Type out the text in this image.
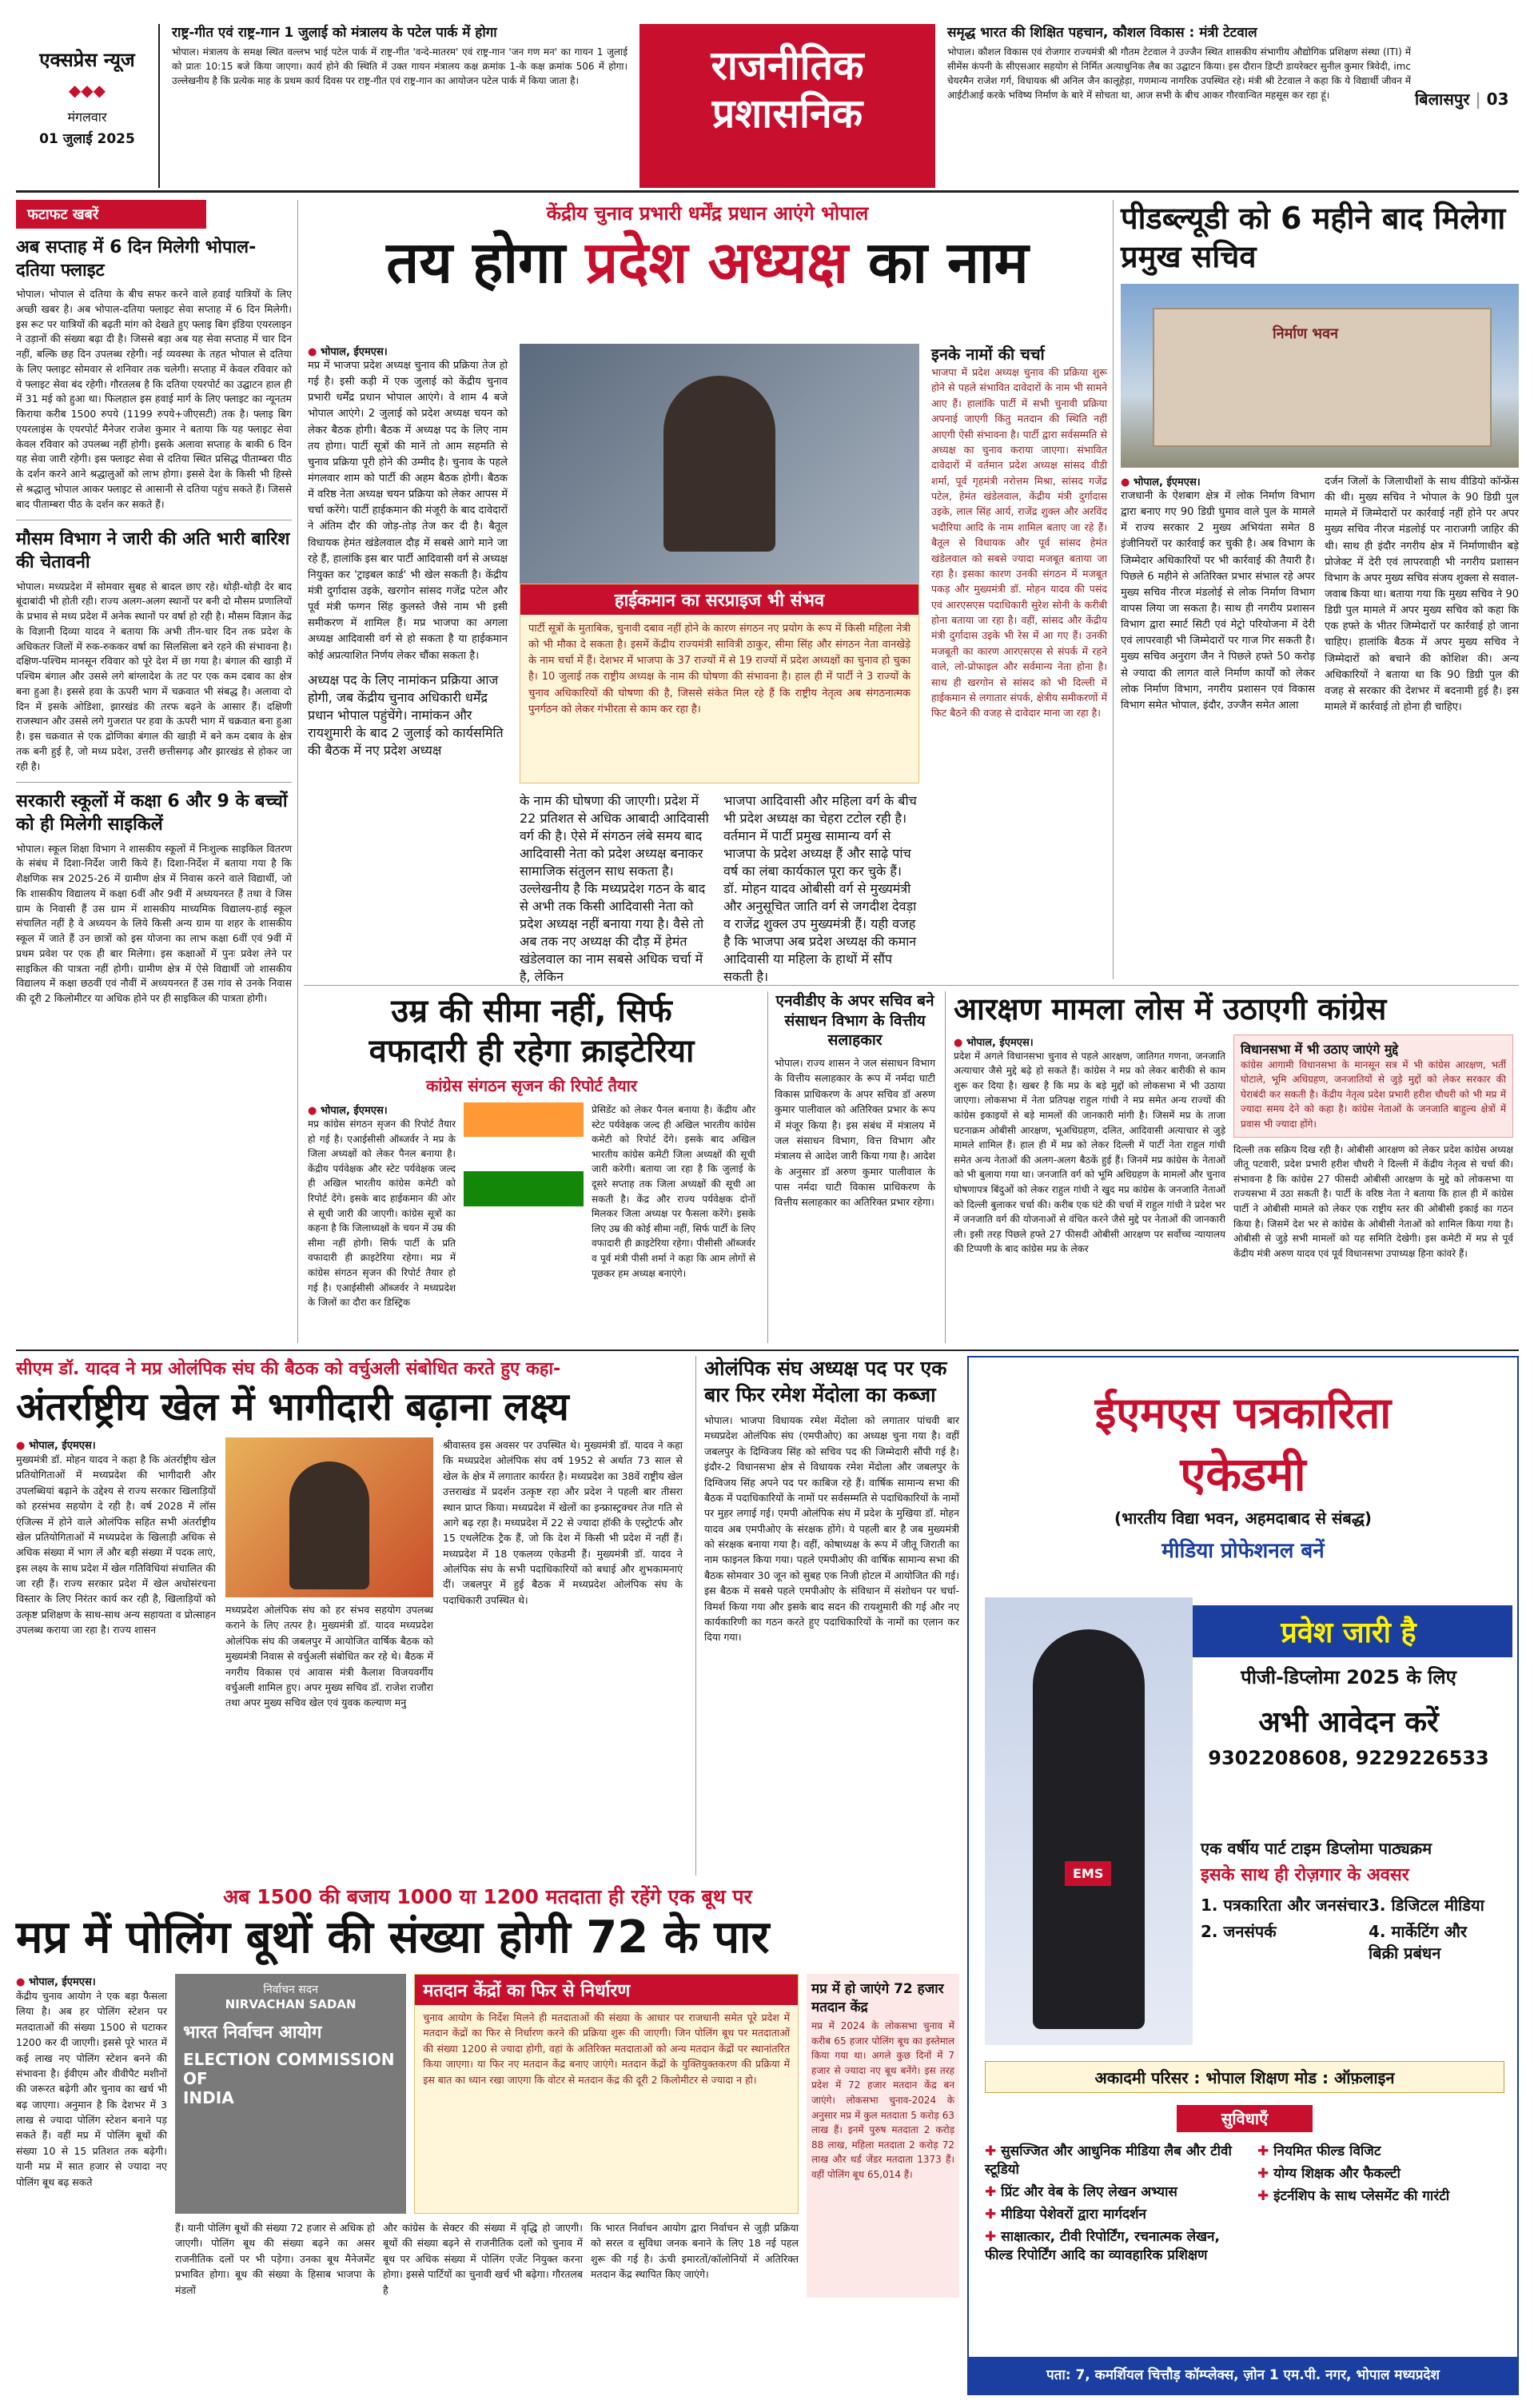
एक्सप्रेस न्यूज
◆◆◆
मंगलवार
01 जुलाई 2025
राष्ट्र-गीत एवं राष्ट्र-गान 1 जुलाई को मंत्रालय के पटेल पार्क में होगा
भोपाल। मंत्रालय के समक्ष स्थित वल्लभ भाई पटेल पार्क में राष्ट्र-गीत 'वन्दे-मातरम' एवं राष्ट्र-गान 'जन गण मन' का गायन 1 जुलाई को प्रातः 10:15 बजे किया जाएगा। कार्य होने की स्थिति में उक्त गायन मंत्रालय कक्ष क्रमांक 1-के कक्ष क्रमांक 506 में होगा। उल्लेखनीय है कि प्रत्येक माह के प्रथम कार्य दिवस पर राष्ट्र-गीत एवं राष्ट्र-गान का आयोजन पटेल पार्क में किया जाता है।	राजनीतिक
प्रशासनिक
समृद्ध भारत की शिक्षित पहचान, कौशल विकास : मंत्री टेटवाल
भोपाल। कौशल विकास एवं रोजगार राज्यमंत्री श्री गौतम टेटवाल ने उज्जैन स्थित शासकीय संभागीय औद्योगिक प्रशिक्षण संस्था (ITI) में सीमेंस कंपनी के सीएसआर सहयोग से निर्मित अत्याधुनिक लैब का उद्घाटन किया। इस दौरान डिप्टी डायरेक्टर सुनील कुमार त्रिवेदी, imc चेयरमैन राजेश गर्ग, विधायक श्री अनिल जैन कालूहेड़ा, गणमान्य नागरिक उपस्थित रहे। मंत्री श्री टेटवाल ने कहा कि ये विद्यार्थी जीवन में आईटीआई करके भविष्य निर्माण के बारे में सोचता था, आज सभी के बीच आकर गौरवान्वित महसूस कर रहा हूं।	बिलासपुर | 03
फटाफट खबरें
अब सप्ताह में 6 दिन मिलेगी भोपाल-दतिया फ्लाइट
भोपाल। भोपाल से दतिया के बीच सफर करने वाले हवाई यात्रियों के लिए अच्छी खबर है। अब भोपाल-दतिया फ्लाइट सेवा सप्ताह में 6 दिन मिलेगी। इस रूट पर यात्रियों की बढ़ती मांग को देखते हुए फ्लाइ बिग इंडिया एयरलाइन ने उड़ानों की संख्या बढ़ा दी है। जिससे बड़ा अब यह सेवा सप्ताह में चार दिन नहीं, बल्कि छह दिन उपलब्ध रहेगी। नई व्यवस्था के तहत भोपाल से दतिया के लिए फ्लाइट सोमवार से शनिवार तक चलेगी। सप्ताह में केवल रविवार को ये फ्लाइट सेवा बंद रहेगी। गौरतलब है कि दतिया एयरपोर्ट का उद्घाटन हाल ही में 31 मई को हुआ था। फिलहाल इस हवाई मार्ग के लिए फ्लाइट का न्यूनतम किराया करीब 1500 रुपये (1199 रुपये+जीएसटी) तक है। फ्लाइ बिग एयरलाइंस के एयरपोर्ट मैनेजर राजेश कुमार ने बताया कि यह फ्लाइट सेवा केवल रविवार को उपलब्ध नहीं होगी। इसके अलावा सप्ताह के बाकी 6 दिन यह सेवा जारी रहेगी। इस फ्लाइट सेवा से दतिया स्थित प्रसिद्ध पीताम्बरा पीठ के दर्शन करने आने श्रद्धालुओं को लाभ होगा। इससे देश के किसी भी हिस्से से श्रद्धालु भोपाल आकर फ्लाइट से आसानी से दतिया पहुंच सकते हैं। जिससे बाद पीताम्बरा पीठ के दर्शन कर सकते हैं।
मौसम विभाग ने जारी की अति भारी बारिश की चेतावनी
भोपाल। मध्यप्रदेश में सोमवार सुबह से बादल छाए रहे। थोड़ी-थोड़ी देर बाद बूंदाबांदी भी होती रही। राज्य अलग-अलग स्थानों पर बनी दो मौसम प्रणालियों के प्रभाव से मध्य प्रदेश में अनेक स्थानों पर वर्षा हो रही है। मौसम विज्ञान केंद्र के विज्ञानी दिव्या यादव ने बताया कि अभी तीन-चार दिन तक प्रदेश के अधिकतर जिलों में रुक-रुककर वर्षा का सिलसिला बने रहने की संभावना है। दक्षिण-पश्चिम मानसून रविवार को पूरे देश में छा गया है। बंगाल की खाड़ी में पश्चिम बंगाल और उससे लगे बांग्लादेश के तट पर एक कम दबाव का क्षेत्र बना हुआ है। इससे हवा के ऊपरी भाग में चक्रवात भी संबद्ध है। अलावा दो दिन में इसके ओडिशा, झारखंड की तरफ बढ़ने के आसार हैं। दक्षिणी राजस्थान और उससे लगे गुजरात पर हवा के ऊपरी भाग में चक्रवात बना हुआ है। इस चक्रवात से एक द्रोणिका बंगाल की खाड़ी में बने कम दबाव के क्षेत्र तक बनी हुई है, जो मध्य प्रदेश, उत्तरी छत्तीसगढ़ और झारखंड से होकर जा रही है।
सरकारी स्कूलों में कक्षा 6 और 9 के बच्चों को ही मिलेगी साइकिलें
भोपाल। स्कूल शिक्षा विभाग ने शासकीय स्कूलों में निःशुल्क साइकिल वितरण के संबंध में दिशा-निर्देश जारी किये हैं। दिशा-निर्देश में बताया गया है कि शैक्षणिक सत्र 2025-26 में ग्रामीण क्षेत्र में निवास करने वाले विद्यार्थी, जो कि शासकीय विद्यालय में कक्षा 6वीं और 9वीं में अध्ययनरत हैं तथा वे जिस ग्राम के निवासी हैं उस ग्राम में शासकीय माध्यमिक विद्यालय-हाई स्कूल संचालित नहीं है वे अध्ययन के लिये किसी अन्य ग्राम या शहर के शासकीय स्कूल में जाते हैं उन छात्रों को इस योजना का लाभ कक्षा 6वीं एवं 9वीं में प्रथम प्रवेश पर एक ही बार मिलेगा। इस कक्षाओं में पुनः प्रवेश लेने पर साइकिल की पात्रता नहीं होगी। ग्रामीण क्षेत्र में ऐसे विद्यार्थी जो शासकीय विद्यालय में कक्षा छठवीं एवं नौवीं में अध्ययनरत हैं उस गांव से उनके निवास की दूरी 2 किलोमीटर या अधिक होने पर ही साइकिल की पात्रता होगी।
केंद्रीय चुनाव प्रभारी धर्मेंद्र प्रधान आएंगे भोपाल
तय होगा प्रदेश अध्यक्ष का नाम
● भोपाल, ईएमएस।
मप्र में भाजपा प्रदेश अध्यक्ष चुनाव की प्रक्रिया तेज हो गई है। इसी कड़ी में एक जुलाई को केंद्रीय चुनाव प्रभारी धर्मेंद्र प्रधान भोपाल आएंगे। वे शाम 4 बजे भोपाल आएंगे। 2 जुलाई को प्रदेश अध्यक्ष चयन को लेकर बैठक होगी। बैठक में अध्यक्ष पद के लिए नाम तय होगा। पार्टी सूत्रों की मानें तो आम सहमति से चुनाव प्रक्रिया पूरी होने की उम्मीद है। चुनाव के पहले मंगलवार शाम को पार्टी की अहम बैठक होगी। बैठक में वरिष्ठ नेता अध्यक्ष चयन प्रक्रिया को लेकर आपस में चर्चा करेंगे। पार्टी हाईकमान की मंजूरी के बाद दावेदारों ने अंतिम दौर की जोड़-तोड़ तेज कर दी है। बैतूल विधायक हेमंत खंडेलवाल दौड़ में सबसे आगे माने जा रहे हैं, हालांकि इस बार पार्टी आदिवासी वर्ग से अध्यक्ष नियुक्त कर 'ट्राइबल कार्ड' भी खेल सकती है। केंद्रीय मंत्री दुर्गादास उइके, खरगोन सांसद गजेंद्र पटेल और पूर्व मंत्री फग्गन सिंह कुलस्ते जैसे नाम भी इसी समीकरण में शामिल हैं। मप्र भाजपा का अगला अध्यक्ष आदिवासी वर्ग से हो सकता है या हाईकमान कोई अप्रत्याशित निर्णय लेकर चौंका सकता है।
अध्यक्ष पद के लिए नामांकन प्रक्रिया आज होगी, जब केंद्रीय चुनाव अधिकारी धर्मेंद्र प्रधान भोपाल पहुंचेंगे। नामांकन और रायशुमारी के बाद 2 जुलाई को कार्यसमिति की बैठक में नए प्रदेश अध्यक्ष
हाईकमान का सरप्राइज भी संभव
पार्टी सूत्रों के मुताबिक, चुनावी दबाव नहीं होने के कारण संगठन नए प्रयोग के रूप में किसी महिला नेत्री को भी मौका दे सकता है। इसमें केंद्रीय राज्यमंत्री सावित्री ठाकुर, सीमा सिंह और संगठन नेता वानखेड़े के नाम चर्चा में हैं। देशभर में भाजपा के 37 राज्यों में से 19 राज्यों में प्रदेश अध्यक्षों का चुनाव हो चुका है। 10 जुलाई तक राष्ट्रीय अध्यक्ष के नाम की घोषणा की संभावना है। हाल ही में पार्टी ने 3 राज्यों के चुनाव अधिकारियों की घोषणा की है, जिससे संकेत मिल रहे हैं कि राष्ट्रीय नेतृत्व अब संगठनात्मक पुनर्गठन को लेकर गंभीरता से काम कर रहा है।
के नाम की घोषणा की जाएगी। प्रदेश में 22 प्रतिशत से अधिक आबादी आदिवासी वर्ग की है। ऐसे में संगठन लंबे समय बाद आदिवासी नेता को प्रदेश अध्यक्ष बनाकर सामाजिक संतुलन साध सकता है। उल्लेखनीय है कि मध्यप्रदेश गठन के बाद से अभी तक किसी आदिवासी नेता को प्रदेश अध्यक्ष नहीं बनाया गया है। वैसे तो अब तक नए अध्यक्ष की दौड़ में हेमंत खंडेलवाल का नाम सबसे अधिक चर्चा में है, लेकिन
भाजपा आदिवासी और महिला वर्ग के बीच भी प्रदेश अध्यक्ष का चेहरा टटोल रही है। वर्तमान में पार्टी प्रमुख सामान्य वर्ग से भाजपा के प्रदेश अध्यक्ष हैं और साढ़े पांच वर्ष का लंबा कार्यकाल पूरा कर चुके हैं। डॉ. मोहन यादव ओबीसी वर्ग से मुख्यमंत्री और अनुसूचित जाति वर्ग से जगदीश देवड़ा व राजेंद्र शुक्ल उप मुख्यमंत्री हैं। यही वजह है कि भाजपा अब प्रदेश अध्यक्ष की कमान आदिवासी या महिला के हाथों में सौंप सकती है।
इनके नामों की चर्चा
भाजपा में प्रदेश अध्यक्ष चुनाव की प्रक्रिया शुरू होने से पहले संभावित दावेदारों के नाम भी सामने आए हैं। हालांकि पार्टी में सभी चुनावी प्रक्रिया अपनाई जाएगी किंतु मतदान की स्थिति नहीं आएगी ऐसी संभावना है। पार्टी द्वारा सर्वसम्मति से अध्यक्ष का चुनाव कराया जाएगा। संभावित दावेदारों में वर्तमान प्रदेश अध्यक्ष सांसद वीडी शर्मा, पूर्व गृहमंत्री नरोत्तम मिश्रा, सांसद गजेंद्र पटेल, हेमंत खंडेलवाल, केंद्रीय मंत्री दुर्गादास उइके, लाल सिंह आर्य, राजेंद्र शुक्ल और अरविंद भदौरिया आदि के नाम शामिल बताए जा रहे हैं। बैतूल से विधायक और पूर्व सांसद हेमंत खंडेलवाल को सबसे ज्यादा मजबूत बताया जा रहा है। इसका कारण उनकी संगठन में मजबूत पकड़ और मुख्यमंत्री डॉ. मोहन यादव की पसंद एवं आरएसएस पदाधिकारी सुरेश सोनी के करीबी होना बताया जा रहा है। वहीं, सांसद और केंद्रीय मंत्री दुर्गादास उइके भी रेस में आ गए हैं। उनकी मजबूती का कारण आरएसएस से संपर्क में रहने वाले, लो-प्रोफाइल और सर्वमान्य नेता होना है। साथ ही खरगोन से सांसद को भी दिल्ली में हाईकमान से लगातार संपर्क, क्षेत्रीय समीकरणों में फिट बैठने की वजह से दावेदार माना जा रहा है।
पीडब्ल्यूडी को 6 महीने बाद मिलेगा प्रमुख सचिव
निर्माण भवन
● भोपाल, ईएमएस।
राजधानी के ऐशबाग क्षेत्र में लोक निर्माण विभाग द्वारा बनाए गए 90 डिग्री घुमाव वाले पुल के मामले में राज्य सरकार 2 मुख्य अभियंता समेत 8 इंजीनियरों पर कार्रवाई कर चुकी है। अब विभाग के जिम्मेदार अधिकारियों पर भी कार्रवाई की तैयारी है। पिछले 6 महीने से अतिरिक्त प्रभार संभाल रहे अपर मुख्य सचिव नीरज मंडलोई से लोक निर्माण विभाग वापस लिया जा सकता है। साथ ही नगरीय प्रशासन विभाग द्वारा स्मार्ट सिटी एवं मेट्रो परियोजना में देरी एवं लापरवाही भी जिम्मेदारों पर गाज गिर सकती है। मुख्य सचिव अनुराग जैन ने पिछले हफ्ते 50 करोड़ से ज्यादा की लागत वाले निर्माण कार्यों को लेकर लोक निर्माण विभाग, नगरीय प्रशासन एवं विकास विभाग समेत भोपाल, इंदौर, उज्जैन समेत आला
दर्जन जिलों के जिलाधीशों के साथ वीडियो कॉन्फ्रेंस की थी। मुख्य सचिव ने भोपाल के 90 डिग्री पुल मामले में जिम्मेदारों पर कार्रवाई नहीं होने पर अपर मुख्य सचिव नीरज मंडलोई पर नाराजगी जाहिर की थी। साथ ही इंदौर नगरीय क्षेत्र में निर्माणाधीन बड़े प्रोजेक्ट में देरी एवं लापरवाही भी नगरीय प्रशासन विभाग के अपर मुख्य सचिव संजय शुक्ला से सवाल-जवाब किया था। बताया गया कि मुख्य सचिव ने 90 डिग्री पुल मामले में अपर मुख्य सचिव को कहा कि एक हफ्ते के भीतर जिम्मेदारों पर कार्रवाई हो जाना चाहिए। हालांकि बैठक में अपर मुख्य सचिव ने जिम्मेदारों को बचाने की कोशिश की। अन्य अधिकारियों ने बताया था कि 90 डिग्री पुल की वजह से सरकार की देशभर में बदनामी हुई है। इस मामले में कार्रवाई तो होना ही चाहिए।
उम्र की सीमा नहीं, सिर्फ
वफादारी ही रहेगा क्राइटेरिया
कांग्रेस संगठन सृजन की रिपोर्ट तैयार
● भोपाल, ईएमएस।
मप्र कांग्रेस संगठन सृजन की रिपोर्ट तैयार हो गई है। एआईसीसी ऑब्जर्वर ने मप्र के जिला अध्यक्षों को लेकर पैनल बनाया है। केंद्रीय पर्यवेक्षक और स्टेट पर्यवेक्षक जल्द ही अखिल भारतीय कांग्रेस कमेटी को रिपोर्ट देंगे। इसके बाद हाईकमान की ओर से सूची जारी की जाएगी। कांग्रेस सूत्रों का कहना है कि जिलाध्यक्षों के चयन में उम्र की सीमा नहीं होगी। सिर्फ पार्टी के प्रति वफादारी ही क्राइटेरिया रहेगा। मप्र में कांग्रेस संगठन सृजन की रिपोर्ट तैयार हो गई है। एआईसीसी ऑब्जर्वर ने मध्यप्रदेश के जिलों का दौरा कर डिस्ट्रिक
प्रेसिडेंट को लेकर पैनल बनाया है। केंद्रीय और स्टेट पर्यवेक्षक जल्द ही अखिल भारतीय कांग्रेस कमेटी को रिपोर्ट देंगे। इसके बाद अखिल भारतीय कांग्रेस कमेटी जिला अध्यक्षों की सूची जारी करेगी। बताया जा रहा है कि जुलाई के दूसरे सप्ताह तक जिला अध्यक्षों की सूची आ सकती है। केंद्र और राज्य पर्यवेक्षक दोनों मिलकर जिला अध्यक्ष पर फैसला करेंगे। इसके लिए उम्र की कोई सीमा नहीं, सिर्फ पार्टी के लिए वफादारी ही क्राइटेरिया रहेगा। पीसीसी ऑब्जर्वर व पूर्व मंत्री पीसी शर्मा ने कहा कि आम लोगों से पूछकर हम अध्यक्ष बनाएंगे।
एनवीडीए के अपर सचिव बने संसाधन विभाग के वित्तीय सलाहकार
भोपाल। राज्य शासन ने जल संसाधन विभाग के वित्तीय सलाहकार के रूप में नर्मदा घाटी विकास प्राधिकरण के अपर सचिव डॉ अरुण कुमार पालीवाल को अतिरिक्त प्रभार के रूप में मंजूर किया है। इस संबंध में मंत्रालय में जल संसाधन विभाग, वित्त विभाग और मंत्रालय से आदेश जारी किया गया है। आदेश के अनुसार डॉ अरुण कुमार पालीवाल के पास नर्मदा घाटी विकास प्राधिकरण के वित्तीय सलाहकार का अतिरिक्त प्रभार रहेगा।
आरक्षण मामला लोस में उठाएगी कांग्रेस
● भोपाल, ईएमएस।
प्रदेश में अगले विधानसभा चुनाव से पहले आरक्षण, जातिगत गणना, जनजाति अत्याचार जैसे मुद्दे बढ़े हो सकते हैं। कांग्रेस ने मप्र को लेकर बारीकी से काम शुरू कर दिया है। खबर है कि मप्र के बड़े मुद्दों को लोकसभा में भी उठाया जाएगा। लोकसभा में नेता प्रतिपक्ष राहुल गांधी ने मप्र समेत अन्य राज्यों की कांग्रेस इकाइयों से बड़े मामलों की जानकारी मांगी है। जिसमें मप्र के ताजा घटनाक्रम ओबीसी आरक्षण, भूअधिग्रहण, दलित, आदिवासी अत्याचार से जुड़े मामले शामिल हैं। हाल ही में मप्र को लेकर दिल्ली में पार्टी नेता राहुल गांधी समेत अन्य नेताओं की अलग-अलग बैठकें हुई हैं। जिनमें मप्र कांग्रेस के नेताओं को भी बुलाया गया था। जनजाति वर्ग को भूमि अधिग्रहण के मामलों और चुनाव घोषणापत्र बिंदुओं को लेकर राहुल गांधी ने खुद मप्र कांग्रेस के जनजाति नेताओं को दिल्ली बुलाकर चर्चा की। करीब एक घंटे की चर्चा में राहुल गांधी ने प्रदेश भर में जनजाति वर्ग की योजनाओं से वंचित करने जैसे मुद्दे पर नेताओं की जानकारी ली। इसी तरह पिछले हफ्ते 27 फीसदी ओबीसी आरक्षण पर सर्वोच्च न्यायालय की टिप्पणी के बाद कांग्रेस मप्र के लेकर
विधानसभा में भी उठाए जाएंगे मुद्दे
कांग्रेस आगामी विधानसभा के मानसून सत्र में भी कांग्रेस आरक्षण, भर्ती घोटाले, भूमि अधिग्रहण, जनजातियों से जुड़े मुद्दों को लेकर सरकार की घेराबंदी कर सकती है। केंद्रीय नेतृत्व प्रदेश प्रभारी हरीश चौधरी को भी मप्र में ज्यादा समय देने को कहा है। कांग्रेस नेताओं के जनजाति बाहुल्य क्षेत्रों में प्रवास भी ज्यादा होंगे।
दिल्ली तक सक्रिय दिख रही है। ओबीसी आरक्षण को लेकर प्रदेश कांग्रेस अध्यक्ष जीतू पटवारी, प्रदेश प्रभारी हरीश चौधरी ने दिल्ली में केंद्रीय नेतृत्व से चर्चा की। संभावना है कि कांग्रेस 27 फीसदी ओबीसी आरक्षण के मुद्दे को लोकसभा या राज्यसभा में उठा सकती है। पार्टी के वरिष्ठ नेता ने बताया कि हाल ही में कांग्रेस पार्टी ने ओबीसी मामले को लेकर एक राष्ट्रीय स्तर की ओबीसी इकाई का गठन किया है। जिसमें देश भर से कांग्रेस के ओबीसी नेताओं को शामिल किया गया है। ओबीसी से जुड़े सभी मामलों को यह समिति देखेगी। इस कमेटी में मप्र से पूर्व केंद्रीय मंत्री अरुण यादव एवं पूर्व विधानसभा उपाध्यक्ष हिना कांवरे हैं।
सीएम डॉ. यादव ने मप्र ओलंपिक संघ की बैठक को वर्चुअली संबोधित करते हुए कहा-
अंतर्राष्ट्रीय खेल में भागीदारी बढ़ाना लक्ष्य
● भोपाल, ईएमएस।
मुख्यमंत्री डॉ. मोहन यादव ने कहा है कि अंतर्राष्ट्रीय खेल प्रतियोगिताओं में मध्यप्रदेश की भागीदारी और उपलब्धियां बढ़ाने के उद्देश्य से राज्य सरकार खिलाड़ियों को हरसंभव सहयोग दे रही है। वर्ष 2028 में लॉस एंजिल्स में होने वाले ओलंपिक सहित सभी अंतर्राष्ट्रीय खेल प्रतियोगिताओं में मध्यप्रदेश के खिलाड़ी अधिक से अधिक संख्या में भाग लें और बड़ी संख्या में पदक लाएं, इस लक्ष्य के साथ प्रदेश में खेल गतिविधियां संचालित की जा रही हैं। राज्य सरकार प्रदेश में खेल अधोसंरचना विस्तार के लिए निरंतर कार्य कर रही है, खिलाड़ियों को उत्कृष्ट प्रशिक्षण के साथ-साथ अन्य सहायता व प्रोत्साहन उपलब्ध कराया जा रहा है। राज्य शासन
मध्यप्रदेश ओलंपिक संघ को हर संभव सहयोग उपलब्ध कराने के लिए तत्पर है। मुख्यमंत्री डॉ. यादव मध्यप्रदेश ओलंपिक संघ की जबलपुर में आयोजित वार्षिक बैठक को मुख्यमंत्री निवास से वर्चुअली संबोधित कर रहे थे। बैठक में नगरीय विकास एवं आवास मंत्री कैलाश विजयवर्गीय वर्चुअली शामिल हुए। अपर मुख्य सचिव डॉ. राजेश राजौरा तथा अपर मुख्य सचिव खेल एवं युवक कल्याण मनु
श्रीवास्तव इस अवसर पर उपस्थित थे। मुख्यमंत्री डॉ. यादव ने कहा कि मध्यप्रदेश ओलंपिक संघ वर्ष 1952 से अर्थात 73 साल से खेल के क्षेत्र में लगातार कार्यरत है। मध्यप्रदेश का 38वें राष्ट्रीय खेल उत्तराखंड में प्रदर्शन उत्कृष्ट रहा और प्रदेश ने पहली बार तीसरा स्थान प्राप्त किया। मध्यप्रदेश में खेलों का इन्फ्रास्ट्रक्चर तेज गति से आगे बढ़ रहा है। मध्यप्रदेश में 22 से ज्यादा हॉकी के एस्ट्रोटर्फ और 15 एथलेटिक ट्रैक हैं, जो कि देश में किसी भी प्रदेश में नहीं हैं। मध्यप्रदेश में 18 एकलव्य एकेडमी हैं। मुख्यमंत्री डॉ. यादव ने ओलंपिक संघ के सभी पदाधिकारियों को बधाई और शुभकामनाएं दीं। जबलपुर में हुई बैठक में मध्यप्रदेश ओलंपिक संघ के पदाधिकारी उपस्थित थे।
ओलंपिक संघ अध्यक्ष पद पर एक बार फिर रमेश मेंदोला का कब्जा
भोपाल। भाजपा विधायक रमेश मेंदोला को लगातार पांचवी बार मध्यप्रदेश ओलंपिक संघ (एमपीओए) का अध्यक्ष चुना गया है। वहीं जबलपुर के दिग्विजय सिंह को सचिव पद की जिम्मेदारी सौंपी गई है। इंदौर-2 विधानसभा क्षेत्र से विधायक रमेश मेंदोला और जबलपुर के दिग्विजय सिंह अपने पद पर काबिज रहे हैं। वार्षिक सामान्य सभा की बैठक में पदाधिकारियों के नामों पर सर्वसम्मति से पदाधिकारियों के नामों पर मुहर लगाई गई। एमपी ओलंपिक संघ में प्रदेश के मुखिया डॉ. मोहन यादव अब एमपीओए के संरक्षक होंगे। ये पहली बार है जब मुख्यमंत्री को संरक्षक बनाया गया है। वहीं, कोषाध्यक्ष के रूप में जीतू जिराती का नाम फाइनल किया गया। पहले एमपीओए की वार्षिक सामान्य सभा की बैठक सोमवार 30 जून को सुबह एक निजी होटल में आयोजित की गई। इस बैठक में सबसे पहले एमपीओए के संविधान में संशोधन पर चर्चा-विमर्श किया गया और इसके बाद सदन की रायशुमारी की गई और नए कार्यकारिणी का गठन करते हुए पदाधिकारियों के नामों का एलान कर दिया गया।
अब 1500 की बजाय 1000 या 1200 मतदाता ही रहेंगे एक बूथ पर
मप्र में पोलिंग बूथों की संख्या होगी 72 के पार
● भोपाल, ईएमएस।
केंद्रीय चुनाव आयोग ने एक बड़ा फैसला लिया है। अब हर पोलिंग स्टेशन पर मतदाताओं की संख्या 1500 से घटाकर 1200 कर दी जाएगी। इससे पूरे भारत में कई लाख नए पोलिंग स्टेशन बनने की संभावना है। ईवीएम और वीवीपैट मशीनों की जरूरत बढ़ेगी और चुनाव का खर्च भी बढ़ जाएगा। अनुमान है कि देशभर में 3 लाख से ज्यादा पोलिंग स्टेशन बनाने पड़ सकते हैं। वहीं मप्र में पोलिंग बूथों की संख्या 10 से 15 प्रतिशत तक बढ़ेगी। यानी मप्र में सात हजार से ज्यादा नए पोलिंग बूथ बढ़ सकते
निर्वाचन सदन
NIRVACHAN SADAN
भारत निर्वाचन आयोग
ELECTION COMMISSION
OF
INDIA
मतदान केंद्रों का फिर से निर्धारण
चुनाव आयोग के निर्देश मिलने ही मतदाताओं की संख्या के आधार पर राजधानी समेत पूरे प्रदेश में मतदान केंद्रों का फिर से निर्धारण करने की प्रक्रिया शुरू की जाएगी। जिन पोलिंग बूथ पर मतदाताओं की संख्या 1200 से ज्यादा होगी, वहां के अतिरिक्त मतदाताओं को अन्य मतदान केंद्रों पर स्थानांतरित किया जाएगा। या फिर नए मतदान केंद्र बनाए जाएंगे। मतदान केंद्रों के युक्तियुक्तकरण की प्रक्रिया में इस बात का ध्यान रखा जाएगा कि वोटर से मतदान केंद्र की दूरी 2 किलोमीटर से ज्यादा न हो।
हैं। यानी पोलिंग बूथों की संख्या 72 हजार से अधिक हो जाएगी। पोलिंग बूथ की संख्या बढ़ने का असर राजनीतिक दलों पर भी पड़ेगा। उनका बूथ मैनेजमेंट प्रभावित होगा। बूथ की संख्या के हिसाब भाजपा के मंडलों
और कांग्रेस के सेक्टर की संख्या में वृद्धि हो जाएगी। बूथों की संख्या बढ़ने से राजनीतिक दलों को चुनाव में बूथ पर अधिक संख्या में पोलिंग एजेंट नियुक्त करना होगा। इससे पार्टियों का चुनावी खर्च भी बढ़ेगा। गौरतलब है
कि भारत निर्वाचन आयोग द्वारा निर्वाचन से जुड़ी प्रक्रिया को सरल व सुविधा जनक बनाने के लिए 18 नई पहल शुरू की गई है। ऊंची इमारतों/कॉलोनियों में अतिरिक्त मतदान केंद्र स्थापित किए जाएंगे।
मप्र में हो जाएंगे 72 हजार मतदान केंद्र
मप्र में 2024 के लोकसभा चुनाव में करीब 65 हजार पोलिंग बूथ का इस्तेमाल किया गया था। अगले कुछ दिनों में 7 हजार से ज्यादा नए बूथ बनेंगे। इस तरह प्रदेश में 72 हजार मतदान केंद्र बन जाएंगे। लोकसभा चुनाव-2024 के अनुसार मप्र में कुल मतदाता 5 करोड़ 63 लाख हैं। इनमें पुरुष मतदाता 2 करोड़ 88 लाख, महिला मतदाता 2 करोड़ 72 लाख और थर्ड जेंडर मतदाता 1373 हैं। वहीं पोलिंग बूथ 65,014 हैं।
ईएमएस पत्रकारिता
एकेडमी
(भारतीय विद्या भवन, अहमदाबाद से संबद्ध)
मीडिया प्रोफेशनल बनें
प्रवेश जारी है
पीजी-डिप्लोमा 2025 के लिए
अभी आवेदन करें
9302208608, 9229226533
EMS
एक वर्षीय पार्ट टाइम डिप्लोमा पाठ्यक्रम
इसके साथ ही रोज़गार के अवसर
1. पत्रकारिता और जनसंचार 3. डिजिटल मीडिया
2. जनसंपर्क	4. मार्केटिंग और
बिक्री प्रबंधन
अकादमी परिसर : भोपाल शिक्षण मोड : ऑफ़लाइन
सुविधाएँ
✚ सुसज्जित और आधुनिक मीडिया लैब और टीवी स्टूडियो
✚ प्रिंट और वेब के लिए लेखन अभ्यास
✚ मीडिया पेशेवरों द्वारा मार्गदर्शन
✚ साक्षात्कार, टीवी रिपोर्टिंग, रचनात्मक लेखन, फील्ड रिपोर्टिंग आदि का व्यावहारिक प्रशिक्षण
✚ नियमित फील्ड विजिट
✚ योग्य शिक्षक और फैकल्टी
✚ इंटर्नशिप के साथ प्लेसमेंट की गारंटी
पता: 7, कमर्शियल चित्तौड़ कॉम्प्लेक्स, ज़ोन 1 एम.पी. नगर, भोपाल मध्यप्रदेश
